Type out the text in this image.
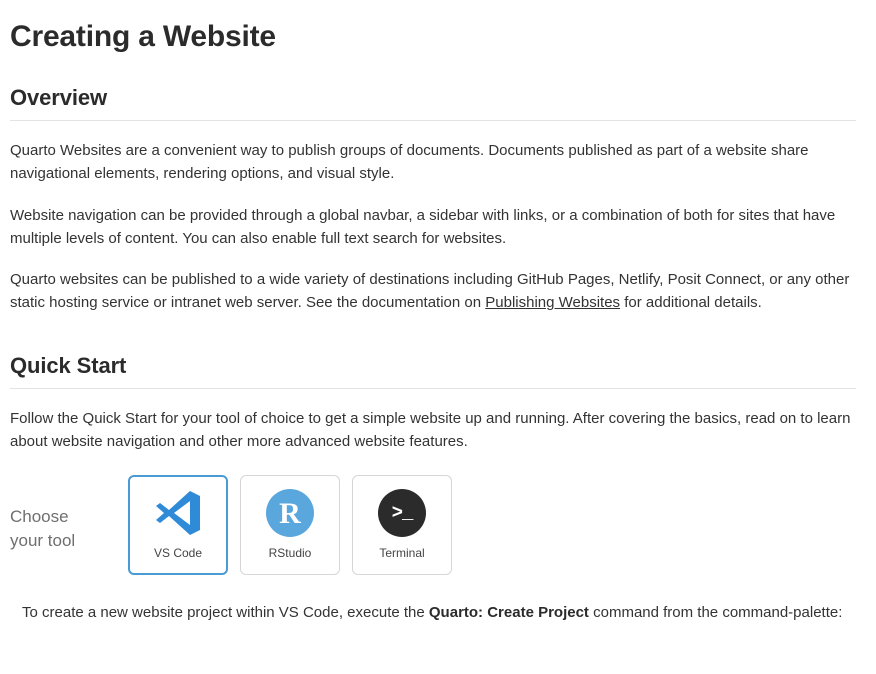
Creating a Website
Overview

Quarto Websites are a convenient way to publish groups of documents. Documents published as part of a website share navigational elements, rendering options, and visual style.

Website navigation can be provided through a global navbar, a sidebar with links, or a combination of both for sites that have multiple levels of content. You can also enable full text search for websites.

Quarto websites can be published to a wide variety of destinations including GitHub Pages, Netlify, Posit Connect, or any other static hosting service or intranet web server. See the documentation on Publishing Websites for additional details.

Quick Start

Follow the Quick Start for your tool of choice to get a simple website up and running. After covering the basics, read on to learn about website navigation and other more advanced website features.

Choose
your tool
VS Code
R
RStudio
>_
Terminal

To create a new website project within VS Code, execute the Quarto: Create Project command from the command-palette:
